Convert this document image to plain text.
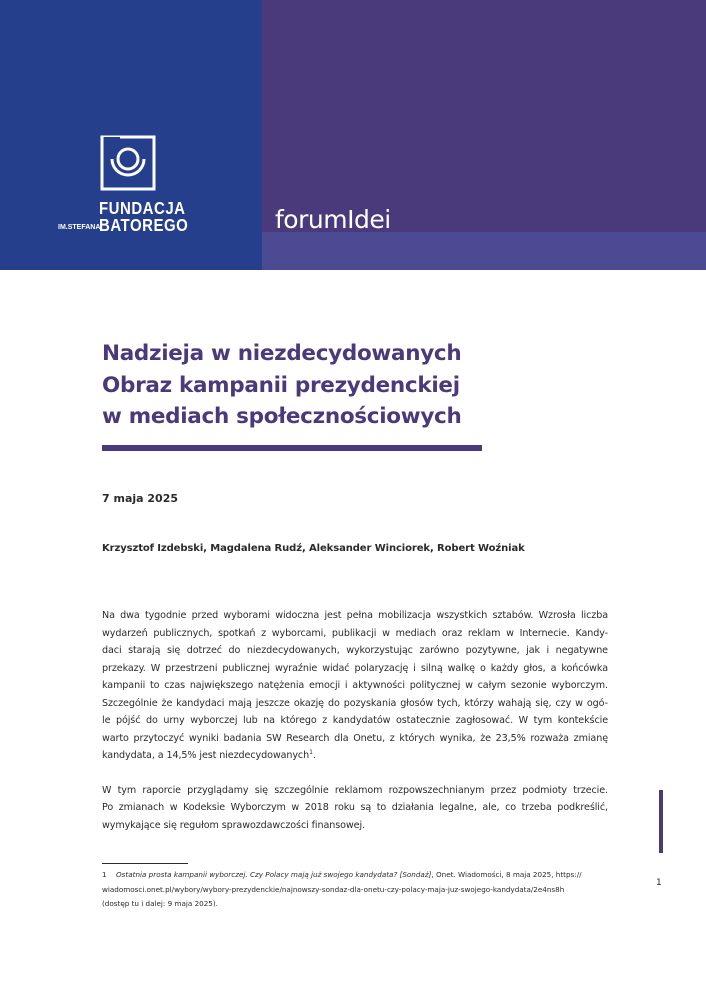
FUNDACJA
IM.STEFANA
BATOREGO	forumIdei
Nadzieja w niezdecydowanych
Obraz kampanii prezydenckiej
w mediach społecznościowych
7 maja 2025
Krzysztof Izdebski, Magdalena Rudź, Aleksander Winciorek, Robert Woźniak
Na dwa tygodnie przed wyborami widoczna jest pełna mobilizacja wszystkich sztabów. Wzrosła liczba
wydarzeń publicznych, spotkań z wyborcami, publikacji w mediach oraz reklam w Internecie. Kandy-
daci starają się dotrzeć do niezdecydowanych, wykorzystując zarówno pozytywne, jak i negatywne
przekazy. W przestrzeni publicznej wyraźnie widać polaryzację i silną walkę o każdy głos, a końcówka
kampanii to czas największego natężenia emocji i aktywności politycznej w całym sezonie wyborczym.
Szczególnie że kandydaci mają jeszcze okazję do pozyskania głosów tych, którzy wahają się, czy w ogó-
le pójść do urny wyborczej lub na którego z kandydatów ostatecznie zagłosować. W tym kontekście
warto przytoczyć wyniki badania SW Research dla Onetu, z których wynika, że 23,5% rozważa zmianę
kandydata, a 14,5% jest niezdecydowanych$^1$.
W tym raporcie przyglądamy się szczególnie reklamom rozpowszechnianym przez podmioty trzecie.
Po zmianach w Kodeksie Wyborczym w 2018 roku są to działania legalne, ale, co trzeba podkreślić,
wymykające się regułom sprawozdawczości finansowej.
1
1 Ostatnia prosta kampanii wyborczej. Czy Polacy mają już swojego kandydata? [Sondaż], Onet. Wiadomości, 8 maja 2025, https://
wiadomosci.onet.pl/wybory/wybory-prezydenckie/najnowszy-sondaz-dla-onetu-czy-polacy-maja-juz-swojego-kandydata/2e4ns8h
(dostęp tu i dalej: 9 maja 2025).
